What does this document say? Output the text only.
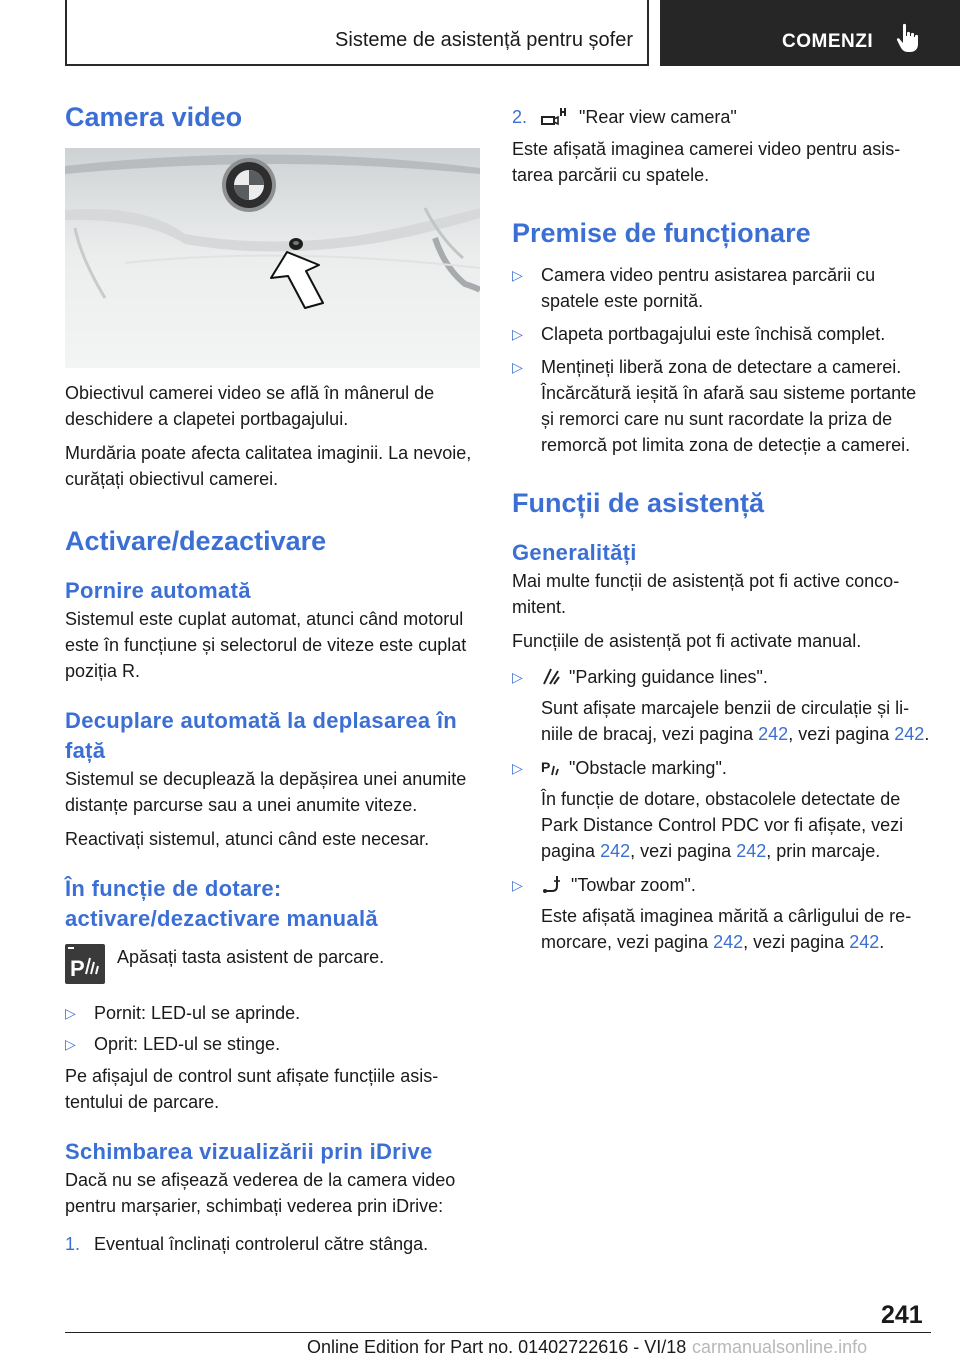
Sisteme de asistență pentru șofer	COMENZI
Camera video

Obiectivul camerei video se află în mânerul de deschidere a clapetei portbagajului.

Murdăria poate afecta calitatea imaginii. La nevoie, curățați obiectivul camerei.

Activare/dezactivare
Pornire automată

Sistemul este cuplat automat, atunci când motorul este în funcțiune și selectorul de viteze este cuplat poziția R.

Decuplare automată la deplasarea în față

Sistemul se decuplează la depășirea unei anumite distanțe parcurse sau a unei anumite viteze.

Reactivați sistemul, atunci când este necesar.

În funcție de dotare: activare/dezactivare manuală
P Apăsați tasta asistent de parcare.

▷ Pornit: LED-ul se aprinde.
▷ Oprit: LED-ul se stinge.

Pe afișajul de control sunt afișate funcțiile asistentului de parcare.

Schimbarea vizualizării prin iDrive

Dacă nu se afișează vederea de la camera video pentru marșarier, schimbați vederea prin iDrive:

1. Eventual înclinați controlerul către stânga.
2.	"Rear view camera"

Este afișată imaginea camerei video pentru asistarea parcării cu spatele.

Premise de funcționare
▷ Camera video pentru asistarea parcării cu spatele este pornită.
▷ Clapeta portbagajului este închisă complet.
▷ Mențineți liberă zona de detectare a camerei. Încărcătură ieșită în afară sau sisteme portante și remorci care nu sunt racordate la priza de remorcă pot limita zona de detecție a camerei.
Funcții de asistență
Generalități

Mai multe funcții de asistență pot fi active concomitent.

Funcțiile de asistență pot fi activate manual.

▷	"Parking guidance lines".
Sunt afișate marcajele benzii de circulație și liniile de bracaj, vezi pagina 242, vezi pagina 242.
▷ P "Obstacle marking".
În funcție de dotare, obstacolele detectate de Park Distance Control PDC vor fi afișate, vezi pagina 242, vezi pagina 242, prin marcaje.
▷	"Towbar zoom".
Este afișată imaginea mărită a cârligului de remorcare, vezi pagina 242, vezi pagina 242.
241
Online Edition for Part no. 01402722616 - VI/18 carmanualsonline.info
